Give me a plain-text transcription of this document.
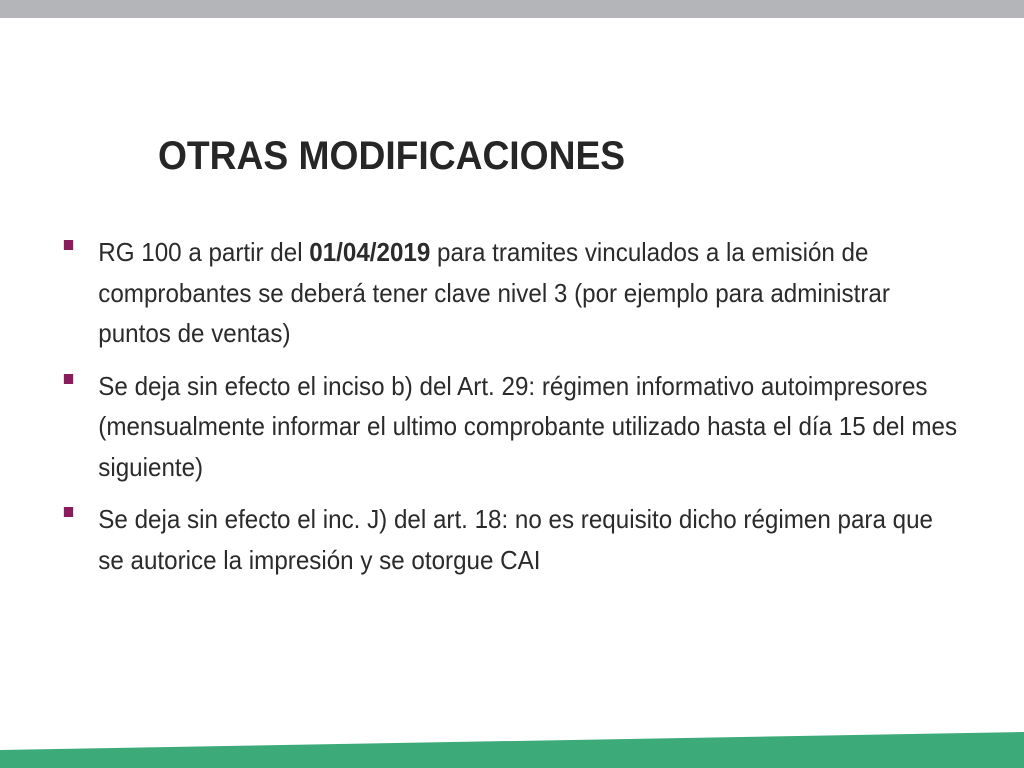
OTRAS MODIFICACIONES
RG 100 a partir del 01/04/2019 para tramites vinculados a la emisión de comprobantes se deberá tener clave nivel 3 (por ejemplo para administrar puntos de ventas)
Se deja sin efecto el inciso b) del Art. 29: régimen informativo autoimpresores (mensualmente informar el ultimo comprobante utilizado hasta el día 15 del mes siguiente)
Se deja sin efecto el inc. J) del art. 18: no es requisito dicho régimen para que se autorice la impresión y se otorgue CAI
